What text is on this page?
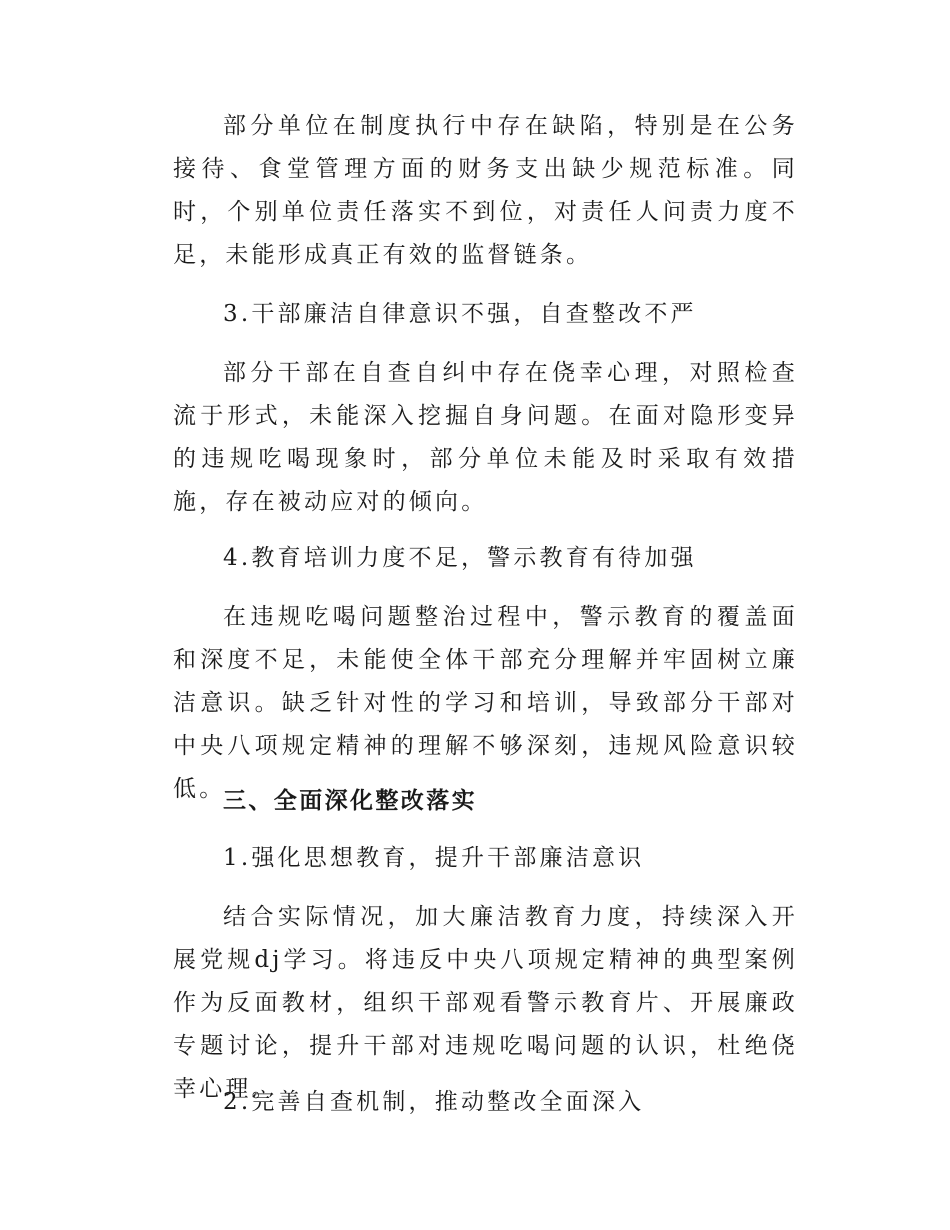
部分单位在制度执行中存在缺陷，特别是在公务接待、食堂管理方面的财务支出缺少规范标准。同时，个别单位责任落实不到位，对责任人问责力度不足，未能形成真正有效的监督链条。

3.干部廉洁自律意识不强，自查整改不严

部分干部在自查自纠中存在侥幸心理，对照检查流于形式，未能深入挖掘自身问题。在面对隐形变异的违规吃喝现象时，部分单位未能及时采取有效措施，存在被动应对的倾向。

4.教育培训力度不足，警示教育有待加强

在违规吃喝问题整治过程中，警示教育的覆盖面和深度不足，未能使全体干部充分理解并牢固树立廉洁意识。缺乏针对性的学习和培训，导致部分干部对中央八项规定精神的理解不够深刻，违规风险意识较低。

三、全面深化整改落实

1.强化思想教育，提升干部廉洁意识

结合实际情况，加大廉洁教育力度，持续深入开展党规dj学习。将违反中央八项规定精神的典型案例作为反面教材，组织干部观看警示教育片、开展廉政专题讨论，提升干部对违规吃喝问题的认识，杜绝侥幸心理。

2.完善自查机制，推动整改全面深入
